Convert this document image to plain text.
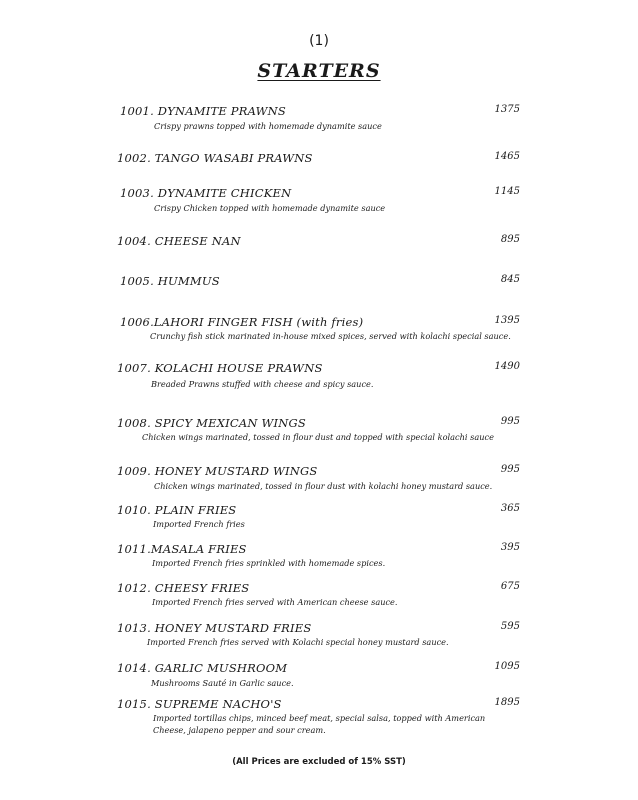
(1)
STARTERS
1001. DYNAMITE PRAWNS	1375
Crispy prawns topped with homemade dynamite sauce
1002. TANGO WASABI PRAWNS	1465
1003. DYNAMITE CHICKEN	1145
Crispy Chicken topped with homemade dynamite sauce
1004. CHEESE NAN	895
1005. HUMMUS	845
1006.LAHORI FINGER FISH (with fries)	1395
Crunchy fish stick marinated in-house mixed spices, served with kolachi special sauce.
1007. KOLACHI HOUSE PRAWNS	1490
Breaded Prawns stuffed with cheese and spicy sauce.
1008. SPICY MEXICAN WINGS	995
Chicken wings marinated, tossed in flour dust and topped with special kolachi sauce
1009. HONEY MUSTARD WINGS	995
Chicken wings marinated, tossed in flour dust with kolachi honey mustard sauce.
1010. PLAIN FRIES	365
Imported French fries
1011.MASALA FRIES	395
Imported French fries sprinkled with homemade spices.
1012. CHEESY FRIES	675
Imported French fries served with American cheese sauce.
1013. HONEY MUSTARD FRIES	595
Imported French fries served with Kolachi special honey mustard sauce.
1014. GARLIC MUSHROOM	1095
Mushrooms Sauté in Garlic sauce.
1015. SUPREME NACHO'S	1895
Imported tortillas chips, minced beef meat, special salsa, topped with American
Cheese, jalapeno pepper and sour cream.
(All Prices are excluded of 15% SST)
